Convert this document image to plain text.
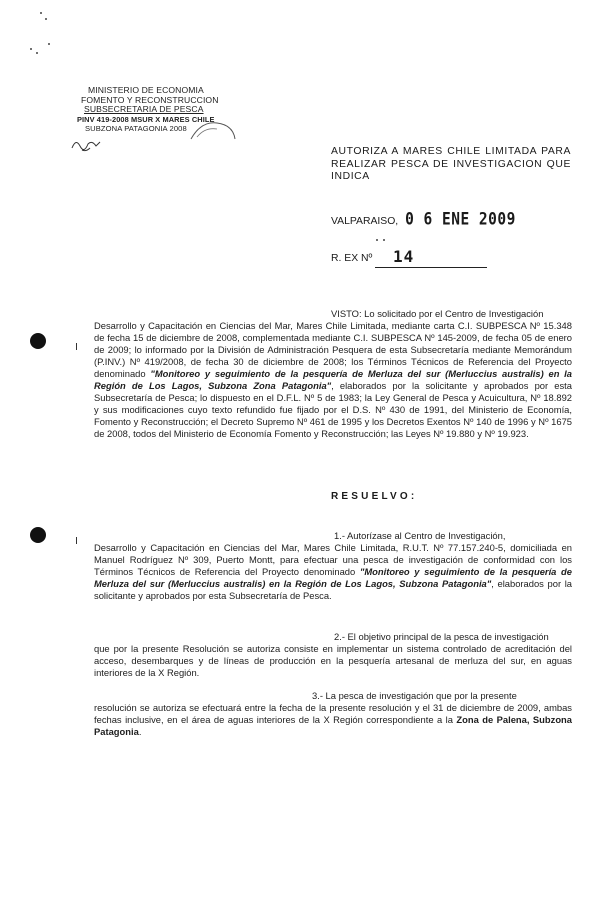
MINISTERIO DE ECONOMIA
FOMENTO Y RECONSTRUCCION
SUBSECRETARIA DE PESCA
PINV 419-2008 MSUR X MARES CHILE
SUBZONA PATAGONIA 2008
AUTORIZA A MARES CHILE LIMITADA PARA REALIZAR PESCA DE INVESTIGACION QUE INDICA
VALPARAISO, 0 6 ENE 2009
R. EX Nº 14
VISTO: Lo solicitado por el Centro de Investigación
Desarrollo y Capacitación en Ciencias del Mar, Mares Chile Limitada, mediante carta C.I. SUBPESCA Nº 15.348 de fecha 15 de diciembre de 2008, complementada mediante C.I. SUBPESCA Nº 145-2009, de fecha 05 de enero de 2009; lo informado por la División de Administración Pesquera de esta Subsecretaría mediante Memorándum (P.INV.) Nº 419/2008, de fecha 30 de diciembre de 2008; los Términos Técnicos de Referencia del Proyecto denominado "Monitoreo y seguimiento de la pesquería de Merluza del sur (Merluccius australis) en la Región de Los Lagos, Subzona Zona Patagonia", elaborados por la solicitante y aprobados por esta Subsecretaría de Pesca; lo dispuesto en el D.F.L. Nº 5 de 1983; la Ley General de Pesca y Acuicultura, Nº 18.892 y sus modificaciones cuyo texto refundido fue fijado por el D.S. Nº 430 de 1991, del Ministerio de Economía, Fomento y Reconstrucción; el Decreto Supremo Nº 461 de 1995 y los Decretos Exentos Nº 140 de 1996 y Nº 1675 de 2008, todos del Ministerio de Economía Fomento y Reconstrucción; las Leyes Nº 19.880 y Nº 19.923.
RESUELVO:
1.- Autorízase al Centro de Investigación,
Desarrollo y Capacitación en Ciencias del Mar, Mares Chile Limitada, R.U.T. Nº 77.157.240-5, domiciliada en Manuel Rodríguez Nº 309, Puerto Montt, para efectuar una pesca de investigación de conformidad con los Términos Técnicos de Referencia del Proyecto denominado "Monitoreo y seguimiento de la pesquería de Merluza del sur (Merluccius australis) en la Región de Los Lagos, Subzona Patagonia", elaborados por la solicitante y aprobados por esta Subsecretaría de Pesca.
2.- El objetivo principal de la pesca de investigación
que por la presente Resolución se autoriza consiste en implementar un sistema controlado de acreditación del acceso, desembarques y de líneas de producción en la pesquería artesanal de merluza del sur, en aguas interiores de la X Región.
3.- La pesca de investigación que por la presente
resolución se autoriza se efectuará entre la fecha de la presente resolución y el 31 de diciembre de 2009, ambas fechas inclusive, en el área de aguas interiores de la X Región correspondiente a la Zona de Palena, Subzona Patagonia.
